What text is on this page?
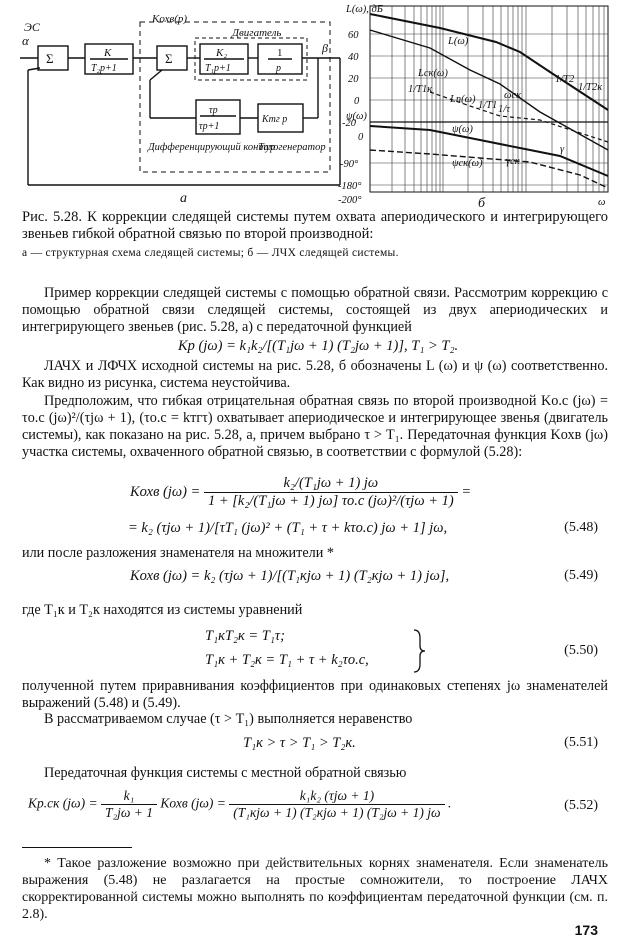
α
ЭС
Σ	K
T₂p+1
Σ
Kохв(p)
Двигатель
K₂
T₁p+1
1
p
β
Kтг p
τp
τp+1
Дифференцирующий контур
Тахогенератор
а
L(ω), дБ
ψ(ω)
60
40
20
0
-20
0
-90°
-180°
-200°
L(ω)
Lск(ω)
Lп(ω)
ψ(ω)
ψск(ω)
ωск
γ
γск
1/T1к
1/T1 1/τ
1/T2
1/T2к
ω
б
Рис. 5.28. К коррекции следящей системы путем охвата апериодического и интегрирующего звеньев гибкой обратной связью по второй производной:
а — структурная схема следящей системы; б — ЛЧХ следящей системы.
Пример коррекции следящей системы с помощью обратной связи. Рассмотрим коррекцию с помощью обратной связи следящей системы, состоящей из двух апериодических и интегрирующего звеньев (рис. 5.28, а) с передаточной функцией
Kр (jω) = k₁k₂/[(T₁jω + 1) (T₂jω + 1)], T₁ > T₂.
ЛАЧХ и ЛФЧХ исходной системы на рис. 5.28, б обозначены L (ω) и ψ (ω) соответственно. Как видно из рисунка, система неустойчива.
Предположим, что гибкая отрицательная обратная связь по второй производной Kо.с (jω) = τо.с (jω)²/(τjω + 1), (τо.с = kтгτ) охватывает апериодическое и интегрирующее звенья (двигатель системы), как показано на рис. 5.28, а, причем выбрано τ > T₁. Передаточная функция Kохв (jω) участка системы, охваченного обратной связью, в соответствии с формулой (5.28):
Kохв $(j\omega) = \frac{\text{k₂/(T₁jω + 1) jω}}{\text{1 + [k₂/(T₁jω + 1) jω] τо.с (jω)²/(τjω + 1)}}$ =
= k₂ (τjω + 1)/[τT₁ (jω)² + (T₁ + τ + kτо.с) jω + 1] jω,	(5.48)
или после разложения знаменателя на множители *
Kохв (jω) = k₂ (τjω + 1)/[(T₁кjω + 1) (T₂кjω + 1) jω],	(5.49)
где T₁к и T₂к находятся из системы уравнений
T₁кT₂к = T₁τ;
T₁к + T₂к = T₁ + τ + k₂τо.с,
(5.50)
полученной путем приравнивания коэффициентов при одинаковых степенях jω знаменателей выражений (5.48) и (5.49).
В рассматриваемом случае (τ > T₁) выполняется неравенство
T₁к > τ > T₁ > T₂к.	(5.51)
Передаточная функция системы с местной обратной связью
Kр.ск $(j\omega) = \frac{\text{k₁}}{\text{T₂jω + 1}}$ Kохв $(j\omega) = \frac{\text{k₁k₂ (τjω + 1)}}{\text{(T₁кjω + 1) (T₂кjω + 1) (T₂jω + 1) jω}}$ .	(5.52)
* Такое разложение возможно при действительных корнях знаменателя. Если знаменатель выражения (5.48) не разлагается на простые сомножители, то построение ЛАЧХ скорректированной системы можно выполнять по коэффициентам передаточной функции (см. п. 2.8).
173
